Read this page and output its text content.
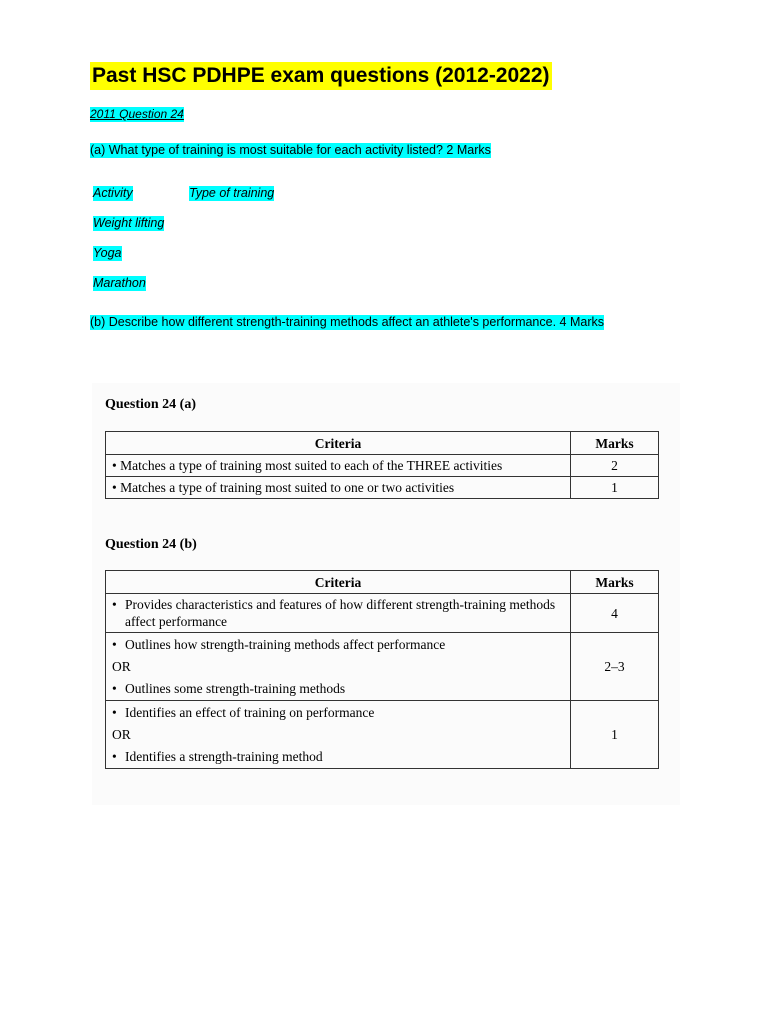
Past HSC PDHPE exam questions (2012-2022)
2011 Question 24
(a) What type of training is most suitable for each activity listed? 2 Marks
Activity	Type of training
Weight lifting
Yoga
Marathon
(b) Describe how different strength-training methods affect an athlete's performance. 4 Marks
Question 24 (a)
Criteria	Marks
• Matches a type of training most suited to each of the THREE activities	2
• Matches a type of training most suited to one or two activities	1
Question 24 (b)
Criteria	Marks

• Provides characteristics and features of how different strength-training methods affect performance	4

• Outlines how strength-training methods affect performance
OR
• Outlines some strength-training methods	2–3

• Identifies an effect of training on performance
OR
• Identifies a strength-training method	1
